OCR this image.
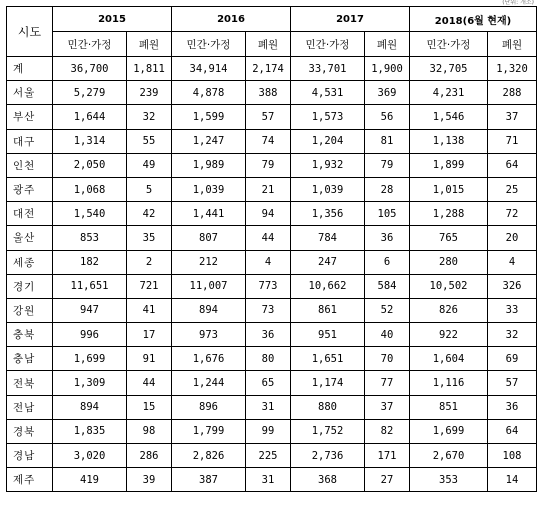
(단위: 개소)
시도	2015		2016		2017		2018(6월 현재)	
	민간·가정	폐원	민간·가정	폐원	민간·가정	폐원	민간·가정	폐원
계	36,700	1,811	34,914	2,174	33,701	1,900	32,705	1,320
서울	5,279	239	4,878	388	4,531	369	4,231	288
부산	1,644	32	1,599	57	1,573	56	1,546	37
대구	1,314	55	1,247	74	1,204	81	1,138	71
인천	2,050	49	1,989	79	1,932	79	1,899	64
광주	1,068	5	1,039	21	1,039	28	1,015	25
대전	1,540	42	1,441	94	1,356	105	1,288	72
울산	853	35	807	44	784	36	765	20
세종	182	2	212	4	247	6	280	4
경기	11,651	721	11,007	773	10,662	584	10,502	326
강원	947	41	894	73	861	52	826	33
충북	996	17	973	36	951	40	922	32
충남	1,699	91	1,676	80	1,651	70	1,604	69
전북	1,309	44	1,244	65	1,174	77	1,116	57
전남	894	15	896	31	880	37	851	36
경북	1,835	98	1,799	99	1,752	82	1,699	64
경남	3,020	286	2,826	225	2,736	171	2,670	108
제주	419	39	387	31	368	27	353	14
